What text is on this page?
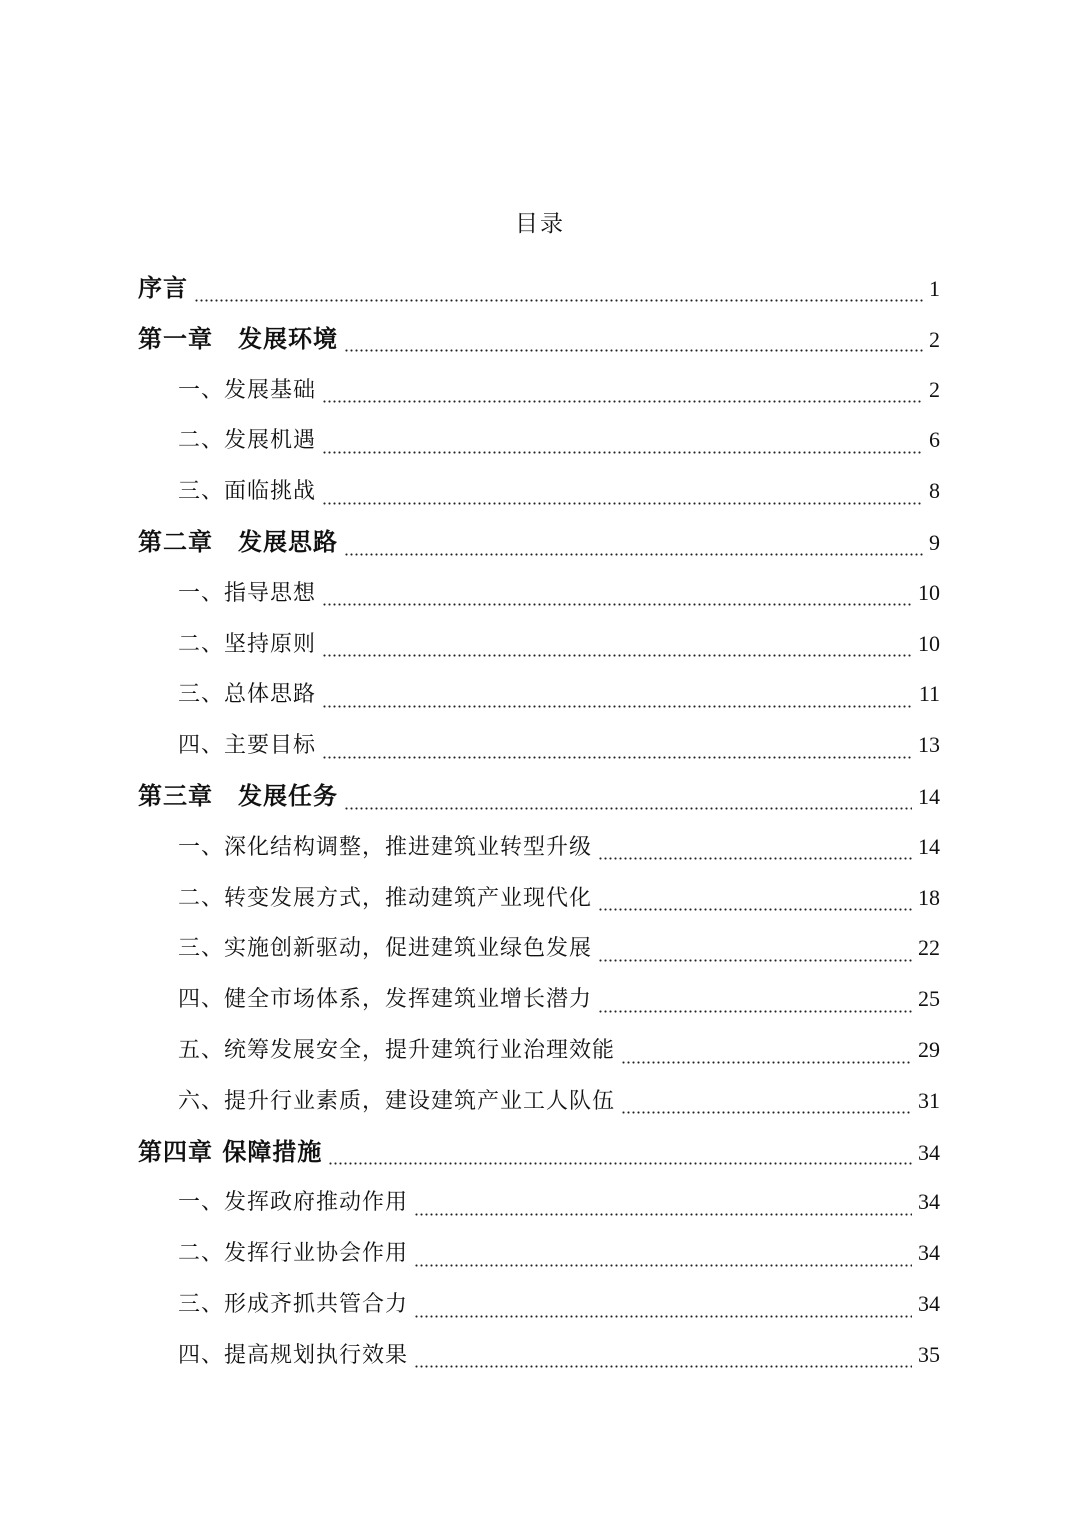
目录
序言	1
第一章　发展环境	2
一、发展基础	2
二、发展机遇	6
三、面临挑战	8
第二章　发展思路	9
一、指导思想	10
二、坚持原则	10
三、总体思路	11
四、主要目标	13
第三章　发展任务	14
一、深化结构调整，推进建筑业转型升级	14
二、转变发展方式，推动建筑产业现代化	18
三、实施创新驱动，促进建筑业绿色发展	22
四、健全市场体系，发挥建筑业增长潜力	25
五、统筹发展安全，提升建筑行业治理效能	29
六、提升行业素质，建设建筑产业工人队伍	31
第四章 保障措施	34
一、发挥政府推动作用	34
二、发挥行业协会作用	34
三、形成齐抓共管合力	34
四、提高规划执行效果	35
